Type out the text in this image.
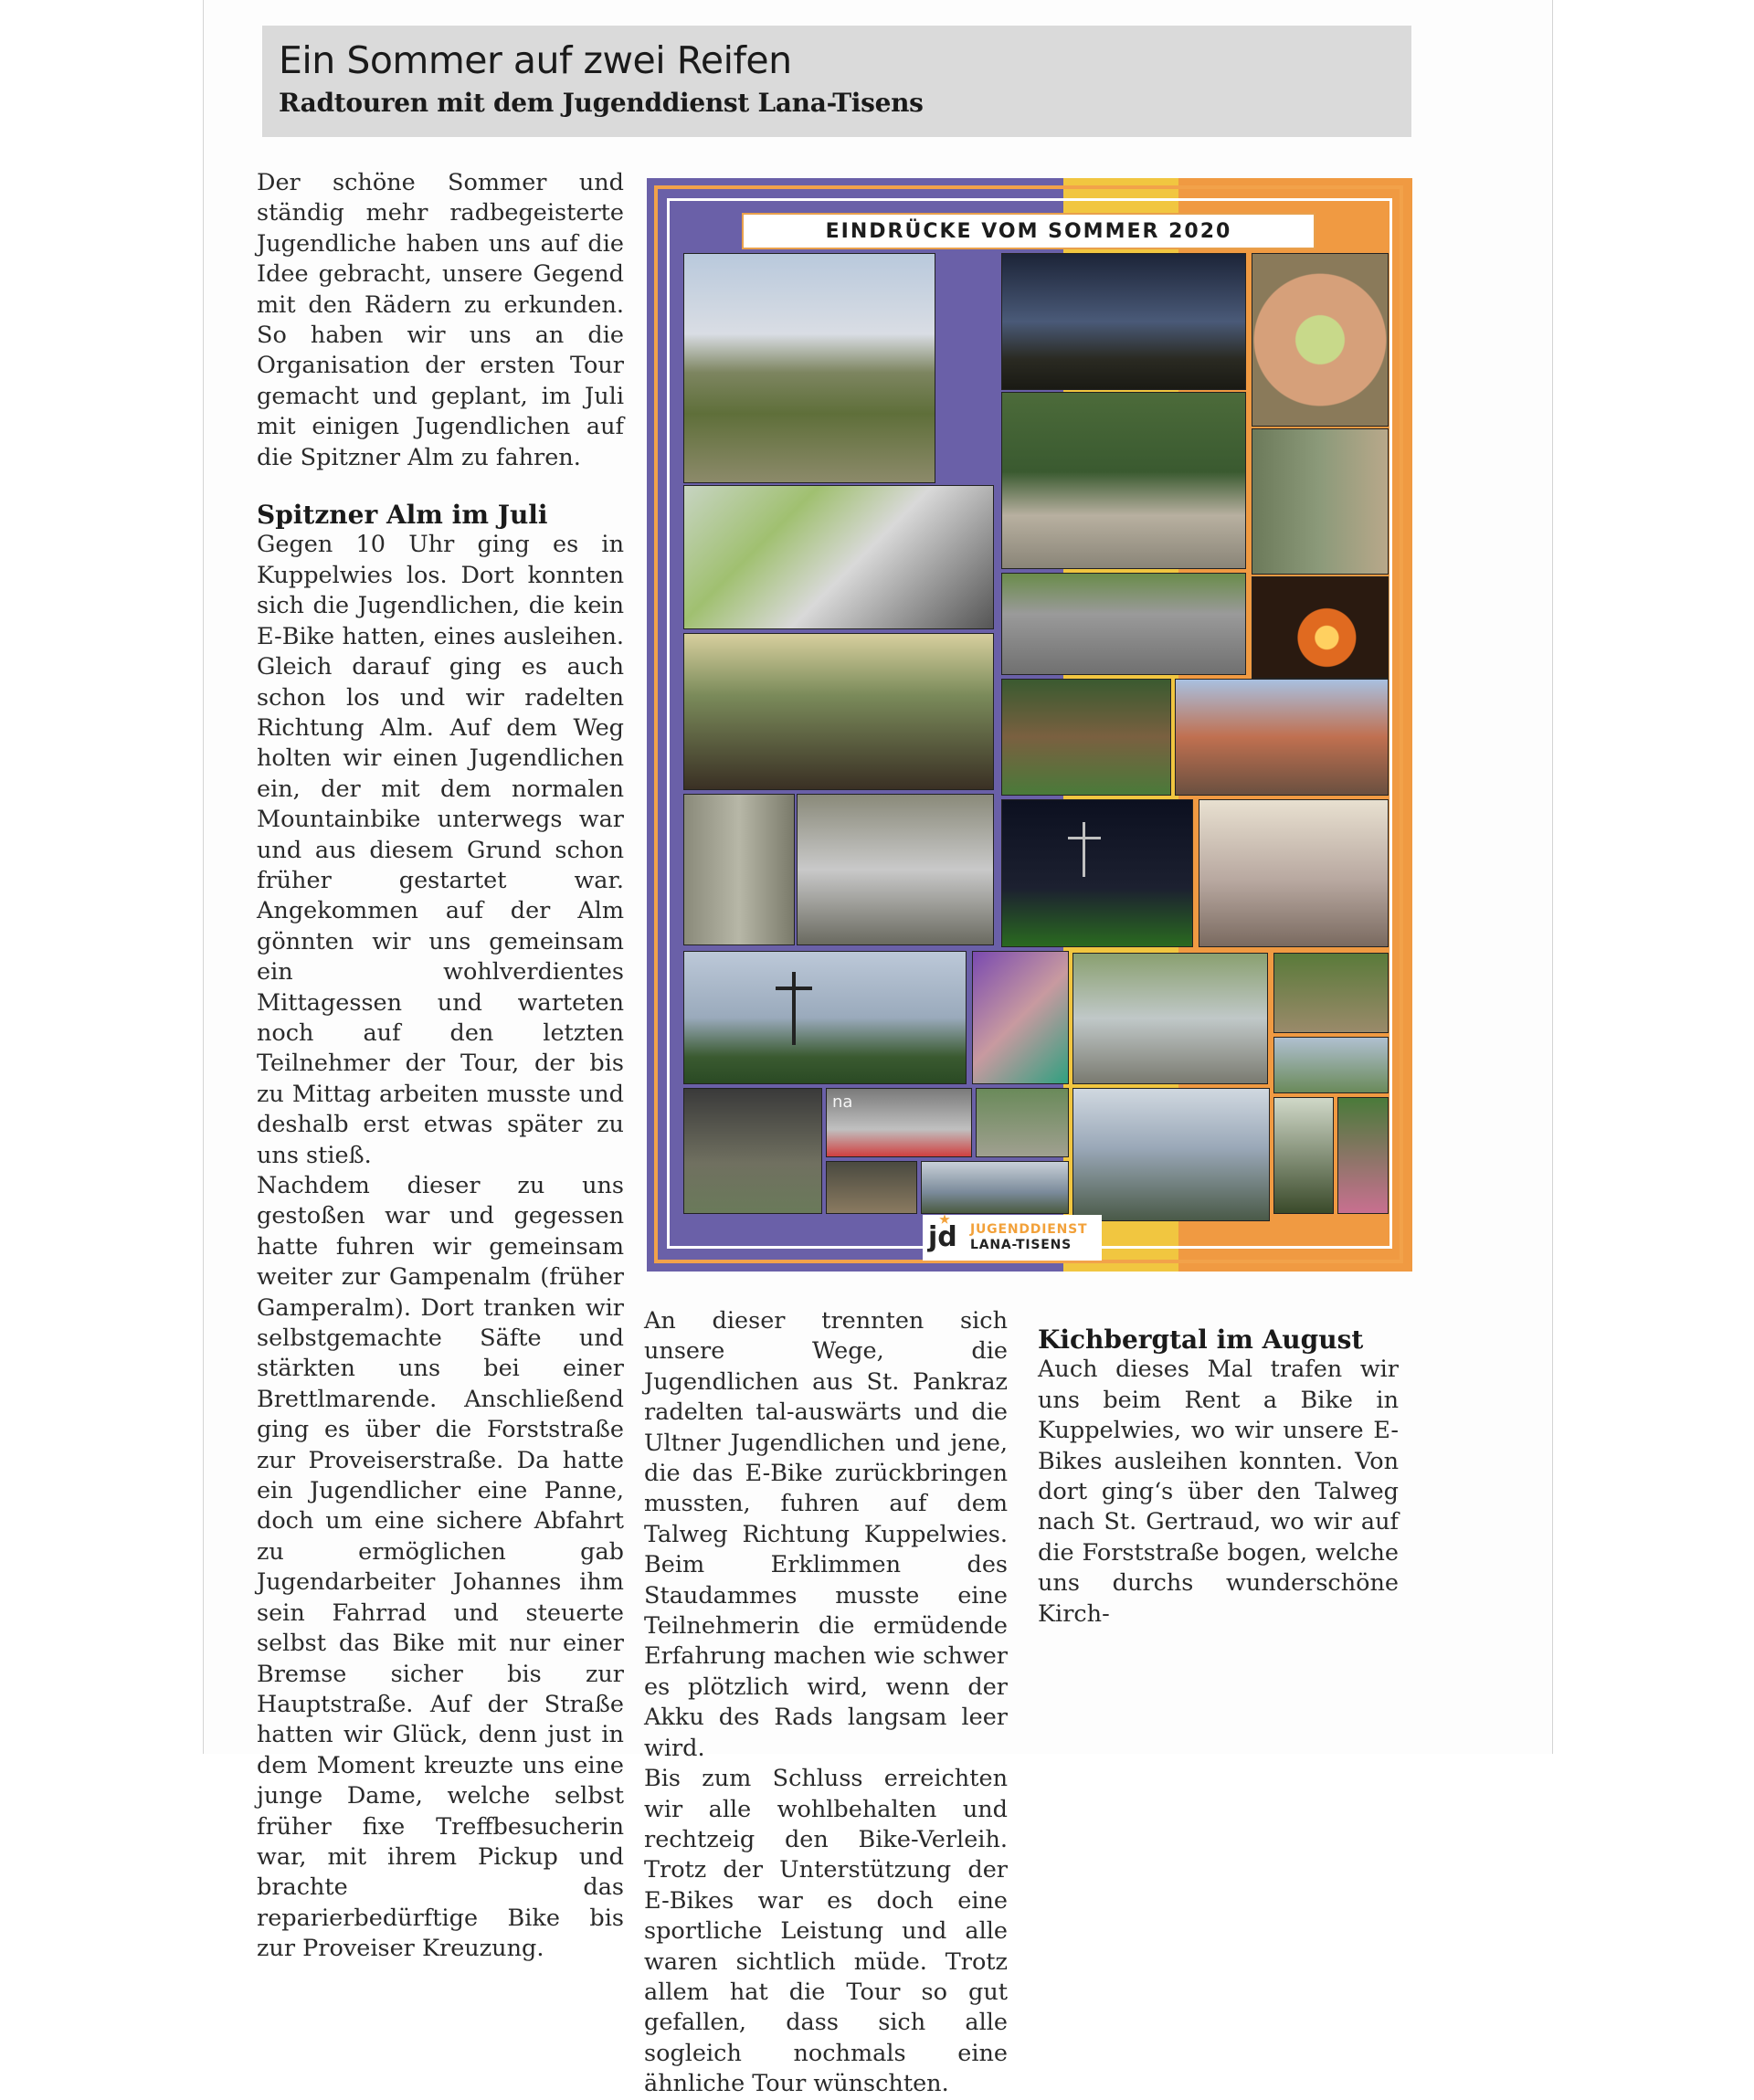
Ein Sommer auf zwei Reifen
Radtouren mit dem Jugenddienst Lana-Tisens

Der schöne Sommer und ständig mehr radbegeisterte Jugendliche haben uns auf die Idee gebracht, unsere Gegend mit den Rädern zu erkunden. So haben wir uns an die Organisation der ersten Tour gemacht und geplant, im Juli mit einigen Jugendlichen auf die Spitzner Alm zu fahren.

Spitzner Alm im Juli

Gegen 10 Uhr ging es in Kuppelwies los. Dort konnten sich die Jugendlichen, die kein E-Bike hatten, eines ausleihen. Gleich darauf ging es auch schon los und wir radelten Richtung Alm. Auf dem Weg holten wir einen Jugendlichen ein, der mit dem normalen Mountainbike unterwegs war und aus diesem Grund schon früher gestartet war. Angekommen auf der Alm gönnten wir uns gemeinsam ein wohlverdientes Mittagessen und warteten noch auf den letzten Teilnehmer der Tour, der bis zu Mittag arbeiten musste und deshalb erst etwas später zu uns stieß.

Nachdem dieser zu uns gestoßen war und gegessen hatte fuhren wir gemeinsam weiter zur Gampenalm (früher Gamperalm). Dort tranken wir selbstgemachte Säfte und stärkten uns bei einer Brettlmarende. Anschließend ging es über die Forststraße zur Proveiserstraße. Da hatte ein Jugendlicher eine Panne, doch um eine sichere Abfahrt zu ermöglichen gab Jugendarbeiter Johannes ihm sein Fahrrad und steuerte selbst das Bike mit nur einer Bremse sicher bis zur Hauptstraße. Auf der Straße hatten wir Glück, denn just in dem Moment kreuzte uns eine junge Dame, welche selbst früher fixe Treffbesucherin war, mit ihrem Pickup und brachte das reparierbedürftige Bike bis zur Proveiser Kreuzung.

An dieser trennten sich unsere Wege, die Jugendlichen aus St. Pankraz radelten tal-auswärts und die Ultner Jugendlichen und jene, die das E-Bike zurückbringen mussten, fuhren auf dem Talweg Richtung Kuppelwies. Beim Erklimmen des Staudammes musste eine Teilnehmerin die ermüdende Erfahrung machen wie schwer es plötzlich wird, wenn der Akku des Rads langsam leer wird.

Bis zum Schluss erreichten wir alle wohlbehalten und rechtzeig den Bike-Verleih. Trotz der Unterstützung der E-Bikes war es doch eine sportliche Leistung und alle waren sichtlich müde. Trotz allem hat die Tour so gut gefallen, dass sich alle sogleich nochmals eine ähnliche Tour wünschten.

Kichbergtal im August

Auch dieses Mal trafen wir uns beim Rent a Bike in Kuppelwies, wo wir unsere E-Bikes ausleihen konnten. Von dort ging‘s über den Talweg nach St. Gertraud, wo wir auf die Forststraße bogen, welche uns durchs wunderschöne Kirch-

na
EINDRÜCKE VOM SOMMER 2020
jd	JUGENDDIENST
LANA-TISENS
